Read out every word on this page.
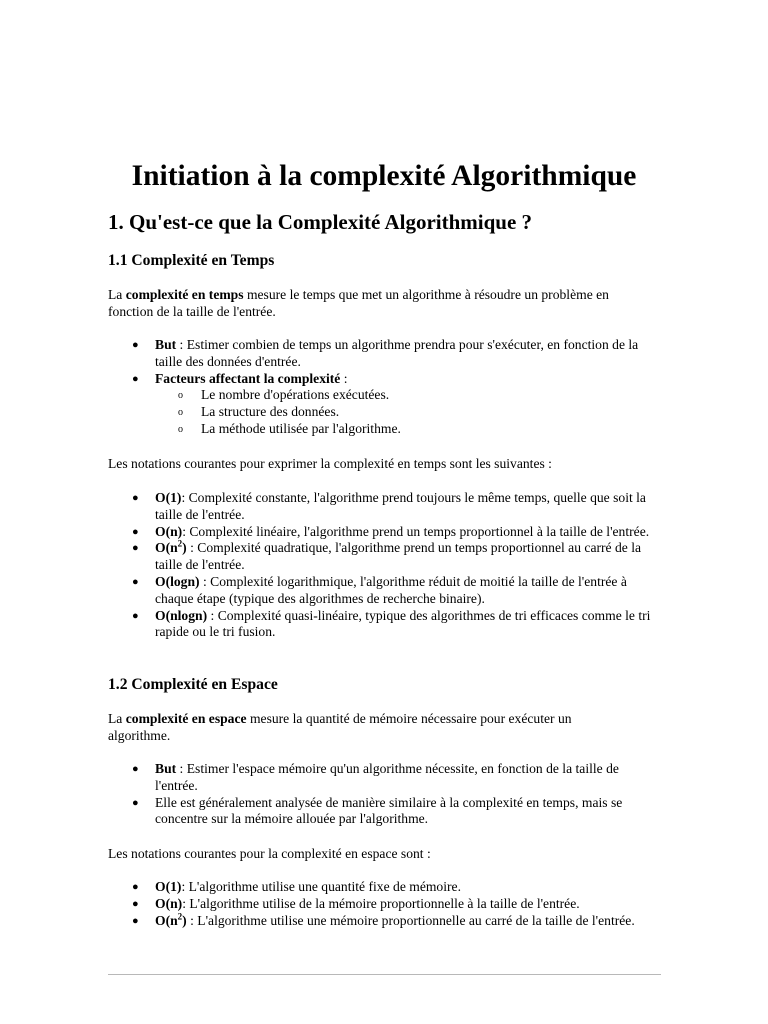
Initiation à la complexité Algorithmique
1. Qu'est-ce que la Complexité Algorithmique ?
1.1 Complexité en Temps

La complexité en temps mesure le temps que met un algorithme à résoudre un problème en fonction de la taille de l'entrée.

● But : Estimer combien de temps un algorithme prendra pour s'exécuter, en fonction de la taille des données d'entrée.
● Facteurs affectant la complexité :
o Le nombre d'opérations exécutées.
o La structure des données.
o La méthode utilisée par l'algorithme.

Les notations courantes pour exprimer la complexité en temps sont les suivantes :

● O(1): Complexité constante, l'algorithme prend toujours le même temps, quelle que soit la taille de l'entrée.
● O(n): Complexité linéaire, l'algorithme prend un temps proportionnel à la taille de l'entrée.
● $O(n^2)$ : Complexité quadratique, l'algorithme prend un temps proportionnel au carré de la taille de l'entrée.
● O(logn) : Complexité logarithmique, l'algorithme réduit de moitié la taille de l'entrée à chaque étape (typique des algorithmes de recherche binaire).
● O(nlogn) : Complexité quasi-linéaire, typique des algorithmes de tri efficaces comme le tri rapide ou le tri fusion.
1.2 Complexité en Espace

La complexité en espace mesure la quantité de mémoire nécessaire pour exécuter un algorithme.

● But : Estimer l'espace mémoire qu'un algorithme nécessite, en fonction de la taille de l'entrée.
● Elle est généralement analysée de manière similaire à la complexité en temps, mais se concentre sur la mémoire allouée par l'algorithme.

Les notations courantes pour la complexité en espace sont :

● O(1): L'algorithme utilise une quantité fixe de mémoire.
● O(n): L'algorithme utilise de la mémoire proportionnelle à la taille de l'entrée.
● $O(n^2)$ : L'algorithme utilise une mémoire proportionnelle au carré de la taille de l'entrée.
